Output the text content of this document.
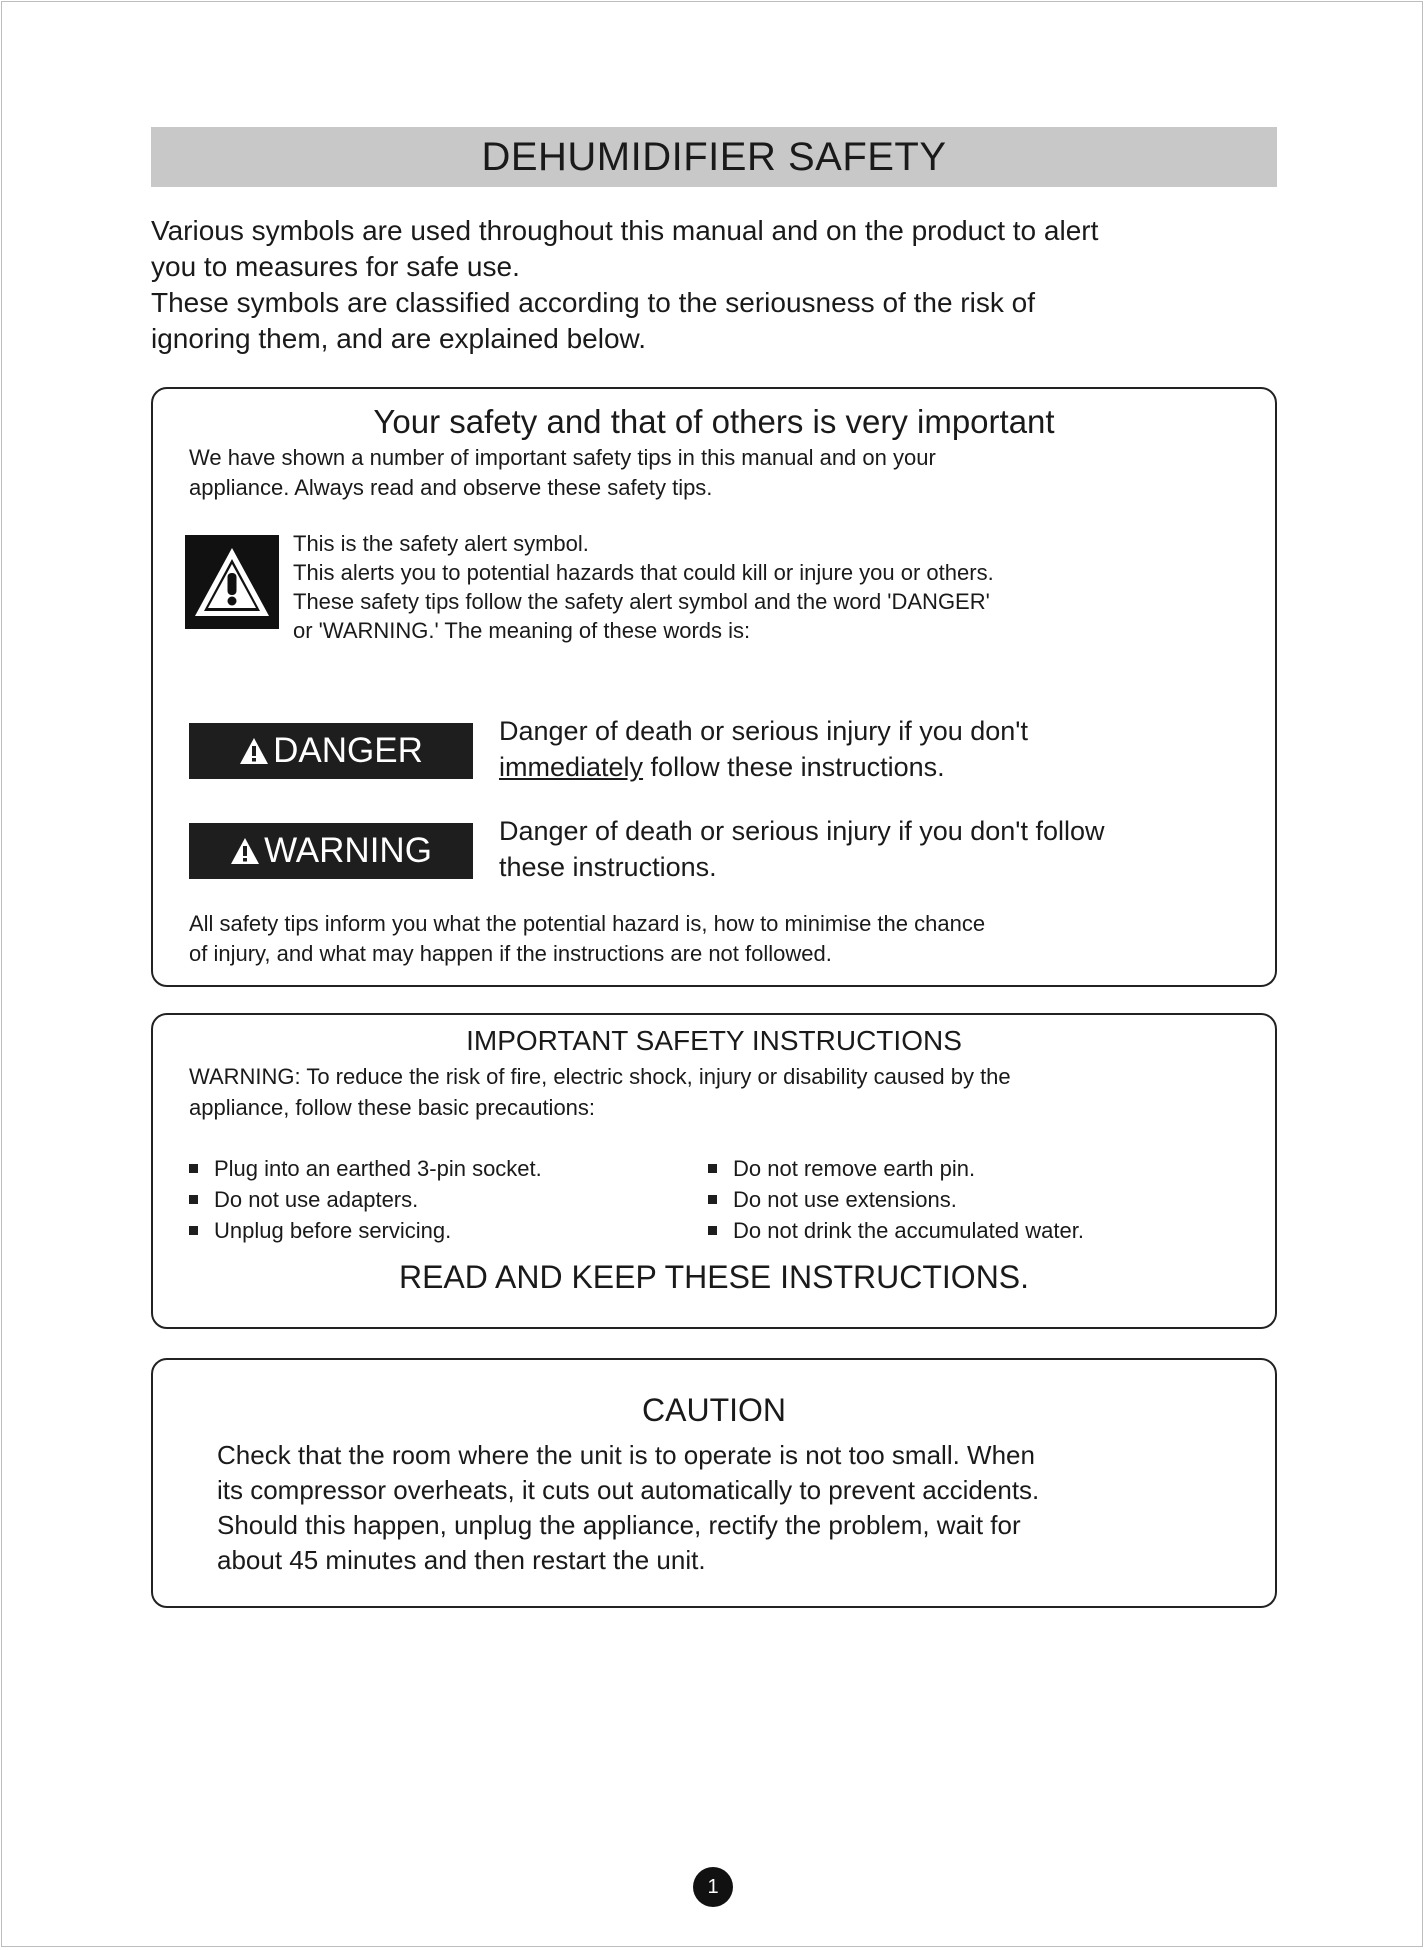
DEHUMIDIFIER SAFETY

Various symbols are used throughout this manual and on the product to alert

you to measures for safe use.

These symbols are classified according to the seriousness of the risk of

ignoring them, and are explained below.

Your safety and that of others is very important

We have shown a number of important safety tips in this manual and on your

appliance. Always read and observe these safety tips.

This is the safety alert symbol.

This alerts you to potential hazards that could kill or injure you or others.

These safety tips follow the safety alert symbol and the word 'DANGER'

or 'WARNING.' The meaning of these words is:

DANGER	Danger of death or serious injury if you don't
immediately follow these instructions.
WARNING Danger of death or serious injury if you don't follow
these instructions.

All safety tips inform you what the potential hazard is, how to minimise the chance

of injury, and what may happen if the instructions are not followed.

IMPORTANT SAFETY INSTRUCTIONS

WARNING: To reduce the risk of fire, electric shock, injury or disability caused by the

appliance, follow these basic precautions:

Plug into an earthed 3-pin socket.
Do not use adapters.
Unplug before servicing.
Do not remove earth pin.
Do not use extensions.
Do not drink the accumulated water.
READ AND KEEP THESE INSTRUCTIONS.
CAUTION

Check that the room where the unit is to operate is not too small. When

its compressor overheats, it cuts out automatically to prevent accidents.

Should this happen, unplug the appliance, rectify the problem, wait for

about 45 minutes and then restart the unit.

1
